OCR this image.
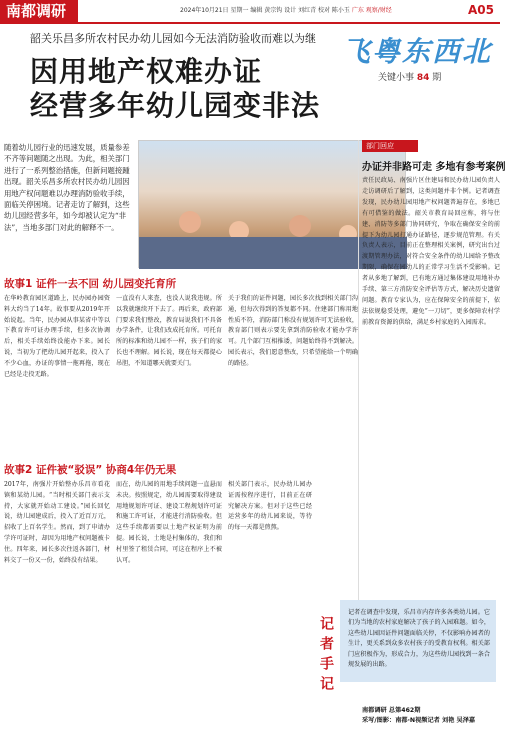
南都调研	2024年10月21日 星期一 编辑 黄宗钩 设计 刘红青 校对 陈小玉 广东 观察/财经	A05
韶关乐昌多所农村民办幼儿园如今无法消防验收而难以为继
因用地产权难办证
经营多年幼儿园变非法
飞粤东西北
关键小事 84 期
随着幼儿园行业的迅速发展，质量参差不齐等问题随之出现。为此，相关部门进行了一系列整治措施，但新问题接踵出现。韶关乐昌多所农村民办幼儿园因用地产权问题难以办理消防验收手续，面临关停困境。记者走访了解到，这些幼儿园经营多年，如今却被认定为“非法”，当地多部门对此的解释不一。
韶关乐昌的一所农村民办幼儿园。
故事1 证件一去不回 幼儿园变托育所
在华岭教育园区道路上，民办园办园资料大约当了14年。故事要从2019年开始说起。当年，民办园从事某省中等以下教育许可证办理手续，但多次协调后，相关手续始终没能办下来。园长说，当初为了把幼儿园开起来，投入了不少心血，办证的事情一拖再拖，现在已经是走投无路。
一直没有人来查，也没人说我违规。所以我就继续开下去了。再后来，政府部门要求我们整改，教育局说我们不具备办学条件，让我们改成托育所。可托育所的标准和幼儿园不一样，孩子们的家长也不理解。园长说，现在每天都提心吊胆，不知道哪天就要关门。
关于我们的证件问题，园长多次找到相关部门沟通，但每次得到的答复都不同。住建部门称用地性质不符，消防部门称没有规划许可无法验收，教育部门则表示要先拿到消防验收才能办学许可。几个部门互相推诿，问题始终得不到解决。园长表示，我们愿意整改，只希望能给一个明确的路径。
故事2 证件被“驳误” 协商4年仍无果
2017年，南强片开始整办乐昌市看花镇和某幼儿园。“当时相关部门表示支持，大家就开始动工建设。”园长回忆说，幼儿园建成后，投入了近百万元，招收了上百名学生。然而，到了申请办学许可证时，却因为用地产权问题被卡住。四年来，园长多次往返各部门，材料交了一份又一份，始终没有结果。
而在，幼儿园的用地手续问题一直悬而未决。按照规定，幼儿园需要取得建设用地规划许可证、建设工程规划许可证和施工许可证，才能进行消防验收。但这些手续都需要以土地产权证明为前提。园长说，土地是村集体的，我们和村里签了租赁合同，可这在程序上不被认可。
相关部门表示，民办幼儿园办证需按程序进行，目前正在研究解决方案。但对于这些已经运营多年的幼儿园来说，等待的每一天都是煎熬。
部门回应
办证并非路可走 多地有参考案例
责任民政局、南强片区住建局和民办幼儿园负责人走访调研后了解到，这类问题并非个例。记者调查发现，民办幼儿园用地产权问题普遍存在，多地已有可借鉴的做法。韶关市教育局回应称，将与住建、消防等多部门协同研究，争取在确保安全的前提下为幼儿园打通办证路径，逐步规范管理。有关负责人表示，目前正在整理相关案例，研究出台过渡期管理办法，对符合安全条件的幼儿园给予整改期限，确保在园幼儿的正常学习生活不受影响。记者从多地了解到，已有地方通过集体建设用地补办手续、第三方消防安全评估等方式，解决历史遗留问题。教育专家认为，应在保障安全的前提下，依法依规稳妥处理，避免“一刀切”，更多保障农村学前教育资源的供给，满足乡村家庭的入园需求。
南都调研 总第462期
采写/图影：南都·N视频记者 刘艳 吴泽嘉
记者手记
记者在调查中发现，乐昌市内存许多各类幼儿园。它们为当地的农村家庭解决了孩子的入园难题。如今，这些幼儿园因证件问题面临关停，不仅影响办园者的生计，更关系到众多农村孩子的受教育权利。相关部门应积极作为，形成合力，为这些幼儿园找到一条合规发展的出路。
